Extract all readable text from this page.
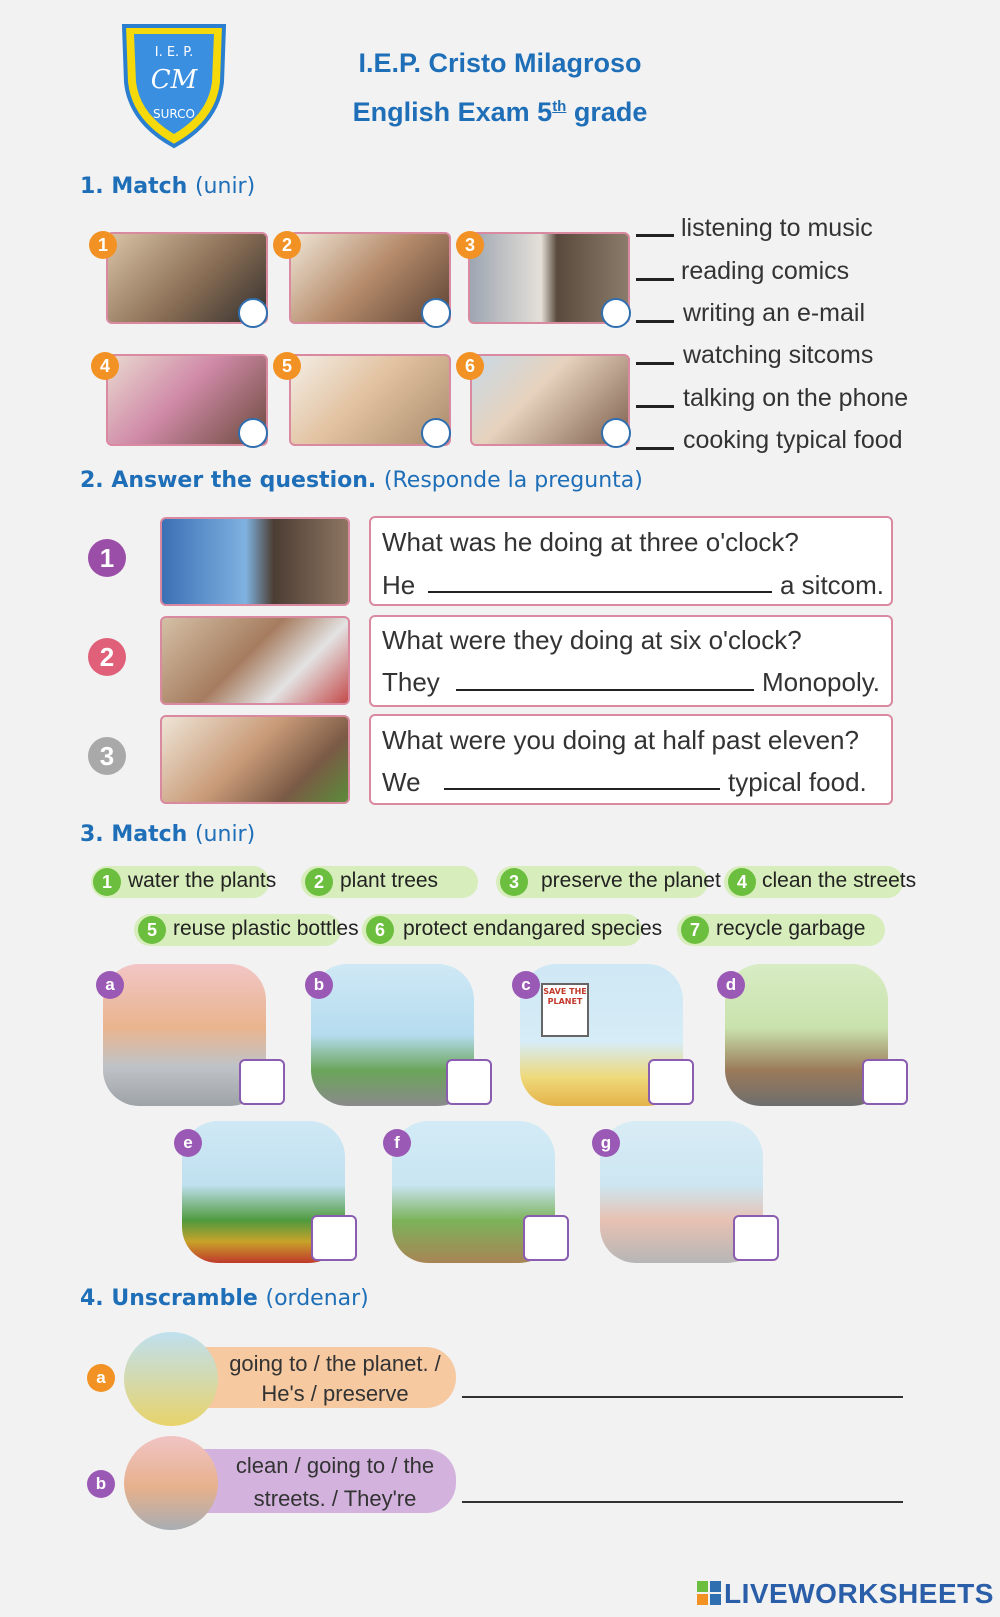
I. E. P.
CM
SURCO
I.E.P. Cristo Milagroso
English Exam 5th grade
1. Match (unir)
1	2	3
4	5	6
listening to music
reading comics
writing an e-mail
watching sitcoms
talking on the phone
cooking typical food
2. Answer the question. (Responde la pregunta)
1
What was he doing at three o'clock?
He	a sitcom.
2
What were they doing at six o'clock?
They	Monopoly.
3
What were you doing at half past eleven?
We	typical food.
3. Match (unir)
1 water the plants	2 plant trees	3	preserve the planet 4 clean the streets
5 reuse plastic bottles 6 protect endangared species	7 recycle garbage
a	b	SAVE THE PLANET
c	d
e	f	g
4. Unscramble (ordenar)
a
going to / the planet. /
He's / preserve
b
clean / going to / the
streets. / They're
LIVEWORKSHEETS
